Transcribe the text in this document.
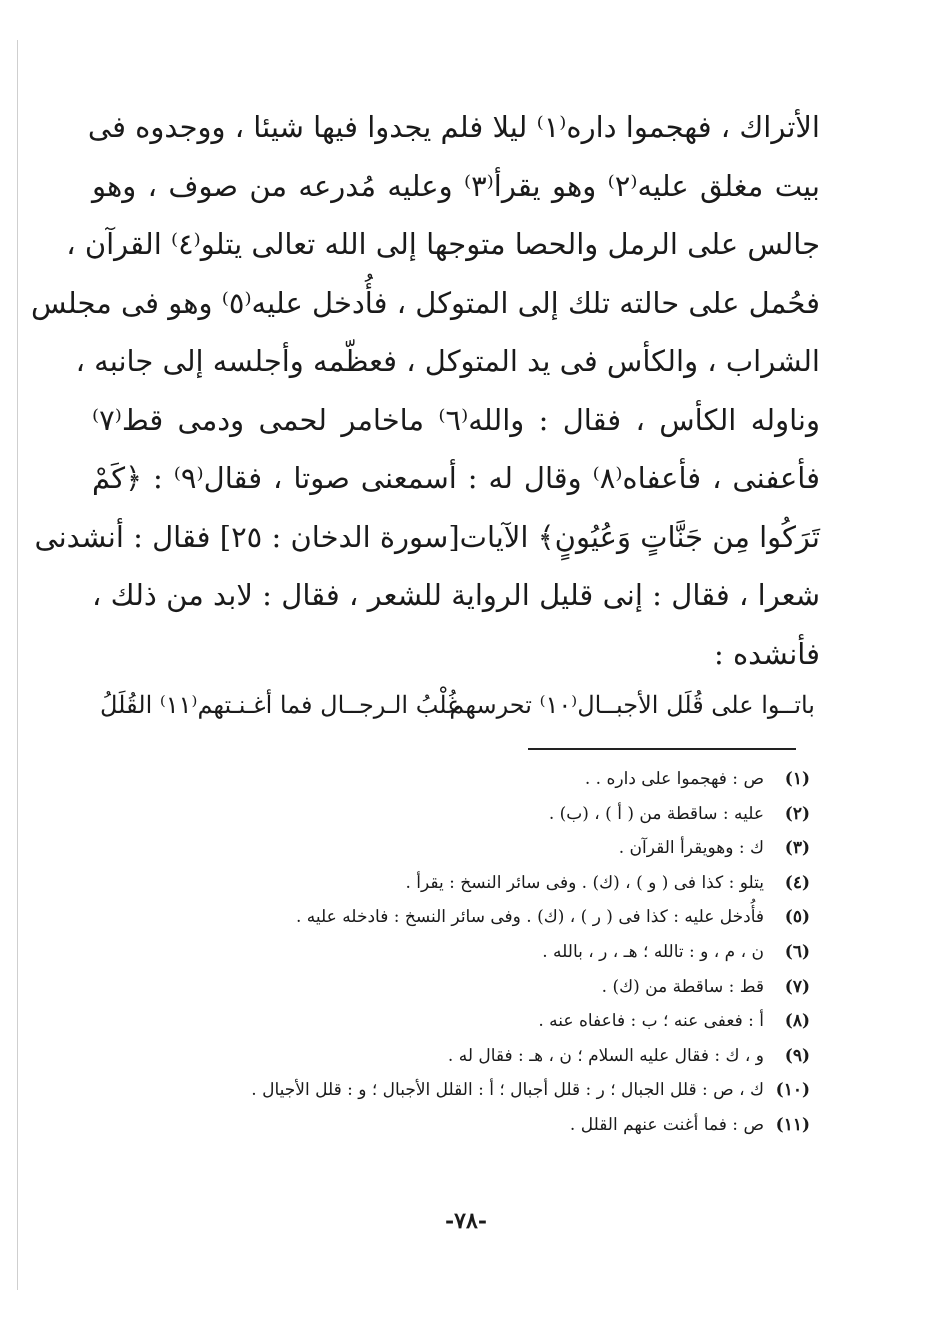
الأتراك ، فهجموا داره⁽١⁾ ليلا فلم يجدوا فيها شيئا ، ووجدوه فى
بيت مغلق عليه⁽٢⁾ وهو يقرأ⁽٣⁾ وعليه مُدرعه من صوف ، وهو
جالس على الرمل والحصا متوجها إلى الله تعالى يتلو⁽٤⁾ القرآن ،
فحُمل على حالته تلك إلى المتوكل ، فأُدخل عليه⁽٥⁾ وهو فى مجلس
الشراب ، والكأس فى يد المتوكل ، فعظّمه وأجلسه إلى جانبه ،
وناوله الكأس ، فقال : والله⁽٦⁾ ماخامر لحمى ودمى قط⁽٧⁾
فأعفنى ، فأعفاه⁽٨⁾ وقال له : أسمعنى صوتا ، فقال⁽٩⁾ : ﴿كَمْ
تَرَكُوا مِن جَنَّاتٍ وَعُيُونٍ﴾ الآيات[سورة الدخان : ٢٥] فقال : أنشدنى
شعرا ، فقال : إنى قليل الرواية للشعر ، فقال : لابد من ذلك ،
فأنشده :
باتــوا على قُلَل الأجبــال⁽١٠⁾ تحرسهم
غُلْبُ الـرجــال فما أغـنـتهم⁽١١⁾ القُلَلُ
(١)
ص : فهجموا على داره . .
(٢)
عليه : ساقطة من ( أ ) ، (ب) .
(٣)
ك : وهويقرأ القرآن .
(٤)
يتلو : كذا فى ( و ) ، (ك) . وفى سائر النسخ : يقرأ .
(٥)
فأُدخل عليه : كذا فى ( ر ) ، (ك) . وفى سائر النسخ : فادخله عليه .
(٦)
ن ، م ، و : تالله ؛ هـ ، ر ، بالله .
(٧)
قط : ساقطة من (ك) .
(٨)
أ : فعفى عنه ؛ ب : فاعفاه عنه .
(٩)
و ، ك : فقال عليه السلام ؛ ن ، هـ : فقال له .
(١٠)
ك ، ص : قلل الجبال ؛ ر : قلل أجبال ؛ أ : القلل الأجبال ؛ و : قلل الأجيال .
(١١)
ص : فما أغنت عنهم القلل .
-٧٨-
